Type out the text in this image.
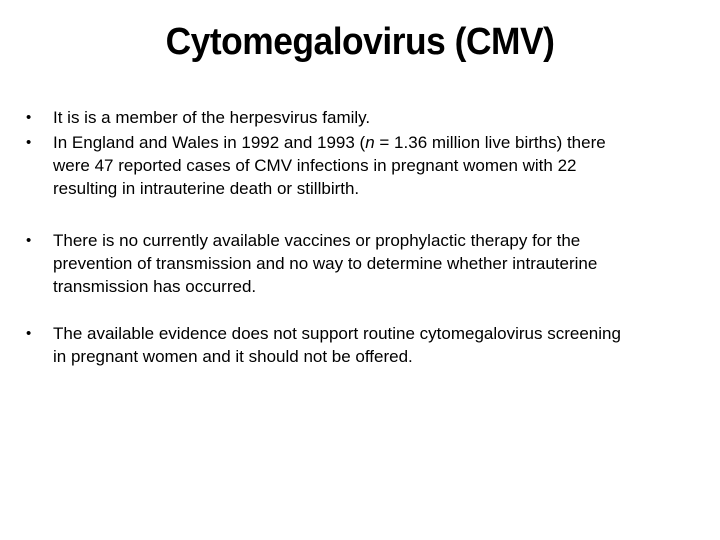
Cytomegalovirus (CMV)
•	It is is a member of the herpesvirus family.
•	In England and Wales in 1992 and 1993 (n = 1.36 million live births) there
were 47 reported cases of CMV infections in pregnant women with 22
resulting in intrauterine death or stillbirth.
•	There is no currently available vaccines or prophylactic therapy for the
prevention of transmission and no way to determine whether intrauterine
transmission has occurred.
•	The available evidence does not support routine cytomegalovirus screening
in pregnant women and it should not be offered.
